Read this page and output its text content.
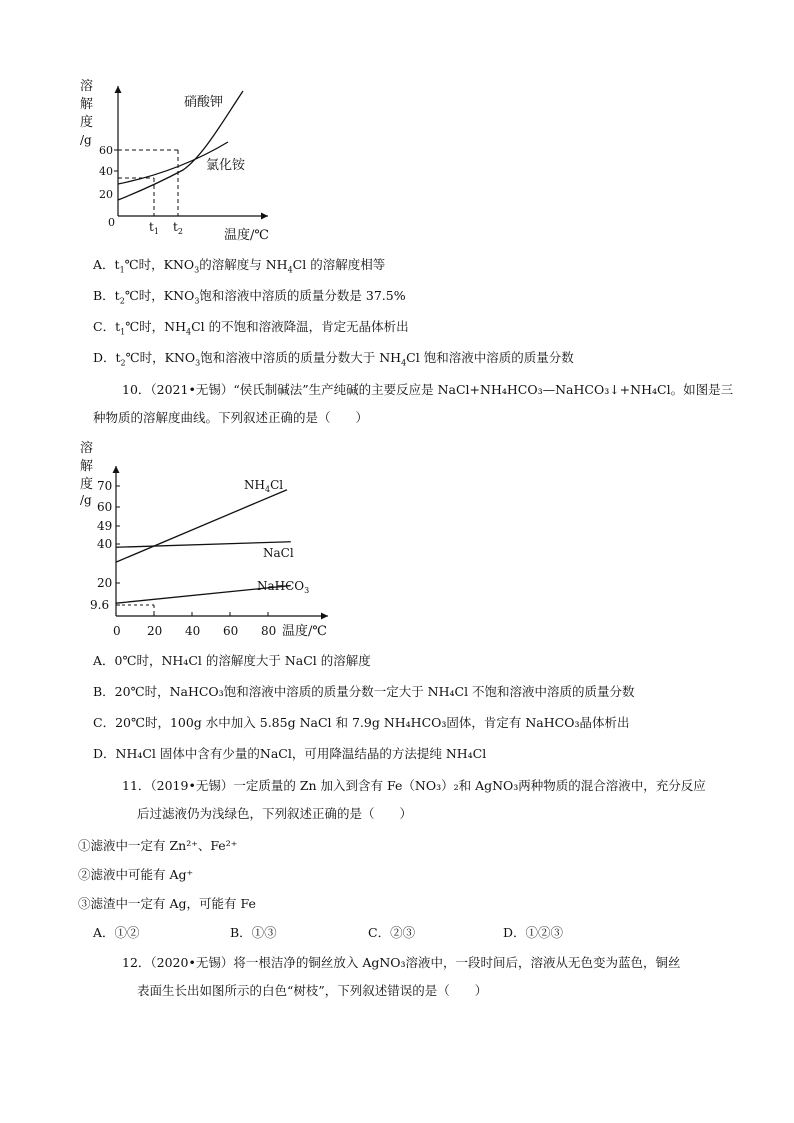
溶
解
度
/g
0
20
40
60
$t_1$ $t_2$	温度/℃
硝酸钾
氯化铵
A．$t_1℃$时，$KNO_3$的溶解度与 $NH_4Cl$ 的溶解度相等
B．$t_2℃$时，$KNO_3$饱和溶液中溶质的质量分数是 37.5%
C．$t_1℃$时，$NH_4Cl$ 的不饱和溶液降温，肯定无晶体析出
D．$t_2℃$时，$KNO_3$饱和溶液中溶质的质量分数大于 $NH_4Cl$ 饱和溶液中溶质的质量分数
10．（2021•无锡）“侯氏制碱法”生产纯碱的主要反应是 NaCl+NH₄HCO₃—NaHCO₃↓+NH₄Cl。如图是三
种物质的溶解度曲线。下列叙述正确的是（　　）
溶
解
度
/g
0 20 40 60 80
9.6
20
40
49
60
70
温度/℃
$NH_4Cl$
NaCl
NaHCO$_3$
A．0℃时，NH₄Cl 的溶解度大于 NaCl 的溶解度
B．20℃时，NaHCO₃饱和溶液中溶质的质量分数一定大于 NH₄Cl 不饱和溶液中溶质的质量分数
C．20℃时，100g 水中加入 5.85g NaCl 和 7.9g NH₄HCO₃固体，肯定有 NaHCO₃晶体析出
D．NH₄Cl 固体中含有少量的NaCl，可用降温结晶的方法提纯 NH₄Cl
11．（2019•无锡）一定质量的 Zn 加入到含有 Fe（NO₃）₂和 AgNO₃两种物质的混合溶液中，充分反应
后过滤液仍为浅绿色，下列叙述正确的是（　　）
①滤液中一定有 Zn²⁺、Fe²⁺
②滤液中可能有 Ag⁺
③滤渣中一定有 Ag，可能有 Fe
A．①②	B．①③	C．②③	D．①②③
12．（2020•无锡）将一根洁净的铜丝放入 AgNO₃溶液中，一段时间后，溶液从无色变为蓝色，铜丝
表面生长出如图所示的白色“树枝”，下列叙述错误的是（　　）
